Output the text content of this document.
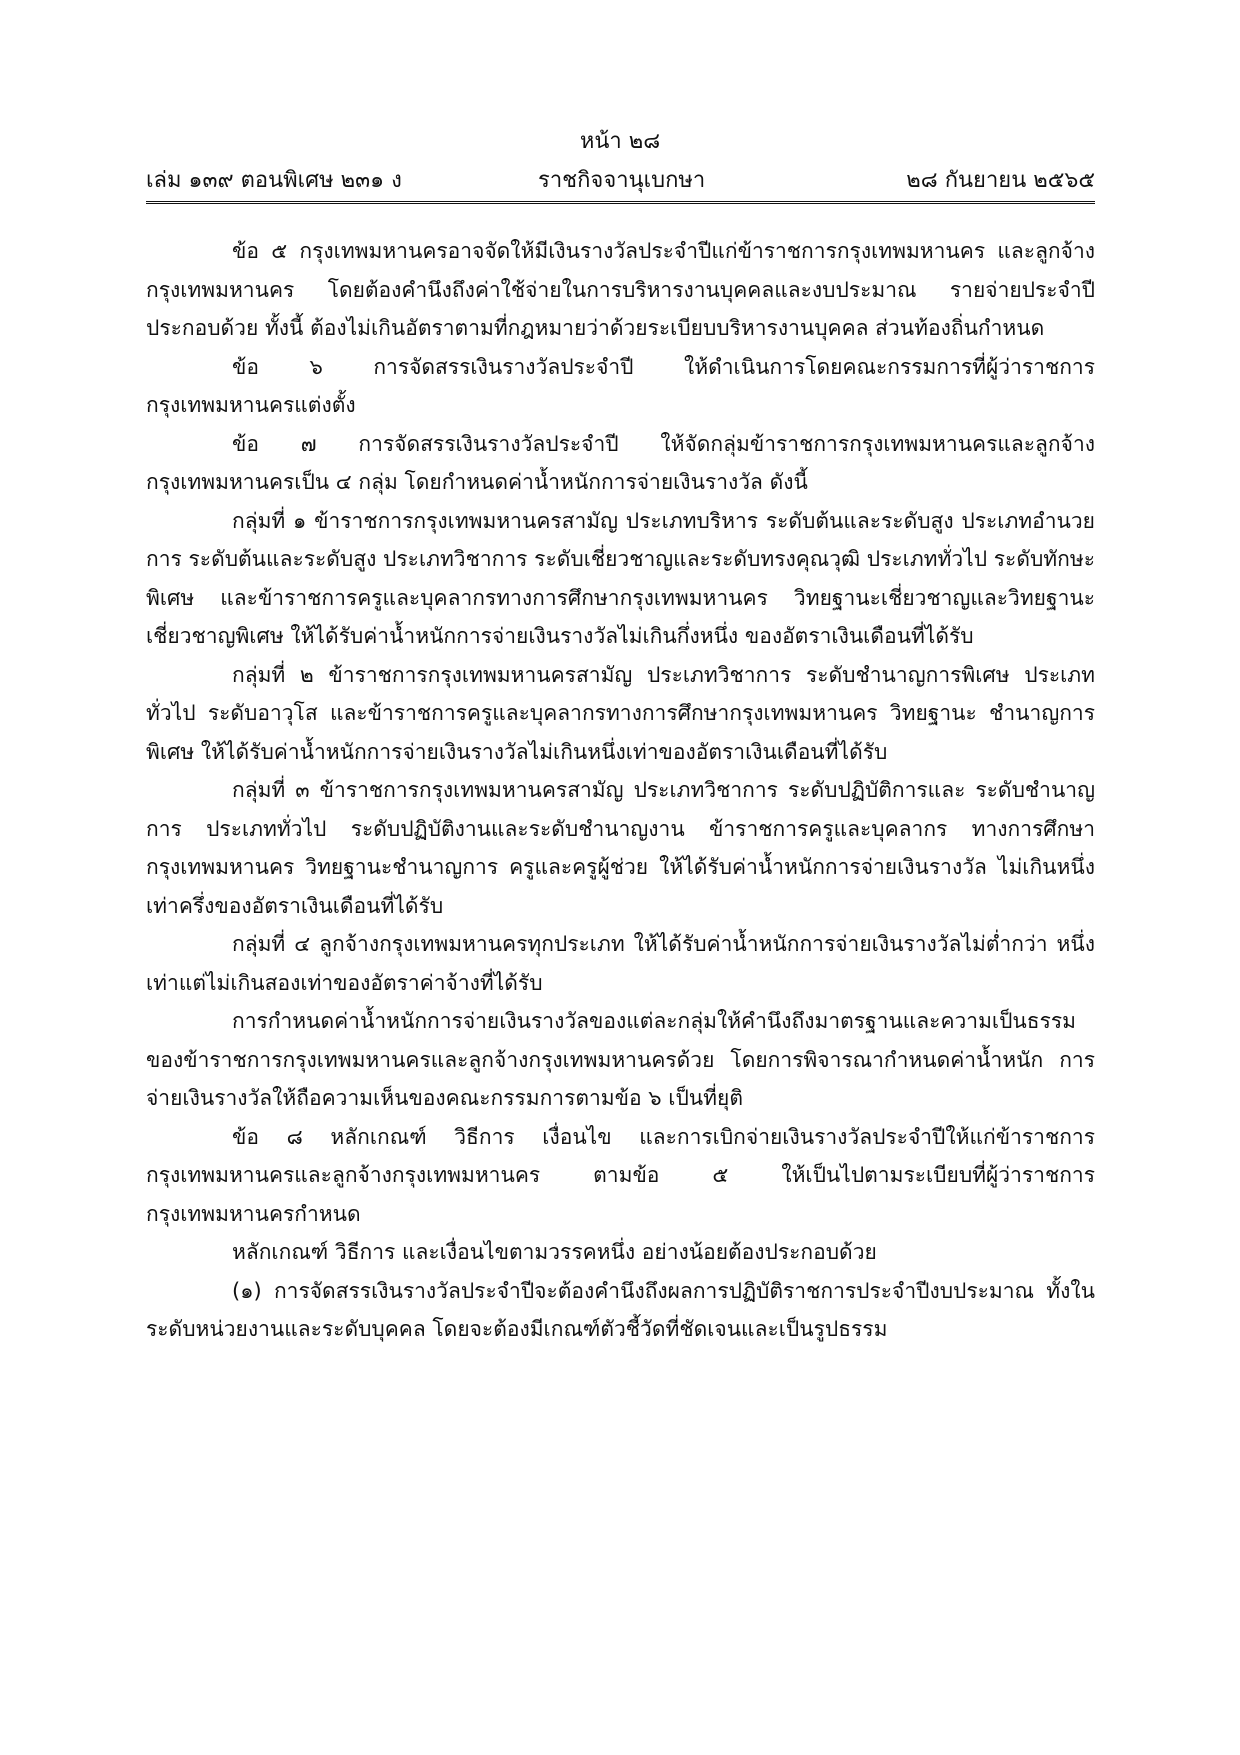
หน้า ๒๘
เล่ม ๑๓๙ ตอนพิเศษ ๒๓๑ ง	ราชกิจจานุเบกษา	๒๘ กันยายน ๒๕๖๕

ข้อ ๕ กรุงเทพมหานครอาจจัดให้มีเงินรางวัลประจำปีแก่ข้าราชการกรุงเทพมหานคร และลูกจ้างกรุงเทพมหานคร โดยต้องคำนึงถึงค่าใช้จ่ายในการบริหารงานบุคคลและงบประมาณ รายจ่ายประจำปีประกอบด้วย ทั้งนี้ ต้องไม่เกินอัตราตามที่กฎหมายว่าด้วยระเบียบบริหารงานบุคคล ส่วนท้องถิ่นกำหนด

ข้อ ๖ การจัดสรรเงินรางวัลประจำปี ให้ดำเนินการโดยคณะกรรมการที่ผู้ว่าราชการ กรุงเทพมหานครแต่งตั้ง

ข้อ ๗ การจัดสรรเงินรางวัลประจำปี ให้จัดกลุ่มข้าราชการกรุงเทพมหานครและลูกจ้าง กรุงเทพมหานครเป็น ๔ กลุ่ม โดยกำหนดค่าน้ำหนักการจ่ายเงินรางวัล ดังนี้

กลุ่มที่ ๑ ข้าราชการกรุงเทพมหานครสามัญ ประเภทบริหาร ระดับต้นและระดับสูง ประเภทอำนวยการ ระดับต้นและระดับสูง ประเภทวิชาการ ระดับเชี่ยวชาญและระดับทรงคุณวุฒิ ประเภททั่วไป ระดับทักษะพิเศษ และข้าราชการครูและบุคลากรทางการศึกษากรุงเทพมหานคร วิทยฐานะเชี่ยวชาญและวิทยฐานะเชี่ยวชาญพิเศษ ให้ได้รับค่าน้ำหนักการจ่ายเงินรางวัลไม่เกินกึ่งหนึ่ง ของอัตราเงินเดือนที่ได้รับ

กลุ่มที่ ๒ ข้าราชการกรุงเทพมหานครสามัญ ประเภทวิชาการ ระดับชำนาญการพิเศษ ประเภททั่วไป ระดับอาวุโส และข้าราชการครูและบุคลากรทางการศึกษากรุงเทพมหานคร วิทยฐานะ ชำนาญการพิเศษ ให้ได้รับค่าน้ำหนักการจ่ายเงินรางวัลไม่เกินหนึ่งเท่าของอัตราเงินเดือนที่ได้รับ

กลุ่มที่ ๓ ข้าราชการกรุงเทพมหานครสามัญ ประเภทวิชาการ ระดับปฏิบัติการและ ระดับชำนาญการ ประเภททั่วไป ระดับปฏิบัติงานและระดับชำนาญงาน ข้าราชการครูและบุคลากร ทางการศึกษากรุงเทพมหานคร วิทยฐานะชำนาญการ ครูและครูผู้ช่วย ให้ได้รับค่าน้ำหนักการจ่ายเงินรางวัล ไม่เกินหนึ่งเท่าครึ่งของอัตราเงินเดือนที่ได้รับ

กลุ่มที่ ๔ ลูกจ้างกรุงเทพมหานครทุกประเภท ให้ได้รับค่าน้ำหนักการจ่ายเงินรางวัลไม่ต่ำกว่า หนึ่งเท่าแต่ไม่เกินสองเท่าของอัตราค่าจ้างที่ได้รับ

การกำหนดค่าน้ำหนักการจ่ายเงินรางวัลของแต่ละกลุ่มให้คำนึงถึงมาตรฐานและความเป็นธรรม ของข้าราชการกรุงเทพมหานครและลูกจ้างกรุงเทพมหานครด้วย โดยการพิจารณากำหนดค่าน้ำหนัก การจ่ายเงินรางวัลให้ถือความเห็นของคณะกรรมการตามข้อ ๖ เป็นที่ยุติ

ข้อ ๘ หลักเกณฑ์ วิธีการ เงื่อนไข และการเบิกจ่ายเงินรางวัลประจำปีให้แก่ข้าราชการ กรุงเทพมหานครและลูกจ้างกรุงเทพมหานคร ตามข้อ ๕ ให้เป็นไปตามระเบียบที่ผู้ว่าราชการ กรุงเทพมหานครกำหนด

หลักเกณฑ์ วิธีการ และเงื่อนไขตามวรรคหนึ่ง อย่างน้อยต้องประกอบด้วย

(๑) การจัดสรรเงินรางวัลประจำปีจะต้องคำนึงถึงผลการปฏิบัติราชการประจำปีงบประมาณ ทั้งในระดับหน่วยงานและระดับบุคคล โดยจะต้องมีเกณฑ์ตัวชี้วัดที่ชัดเจนและเป็นรูปธรรม
